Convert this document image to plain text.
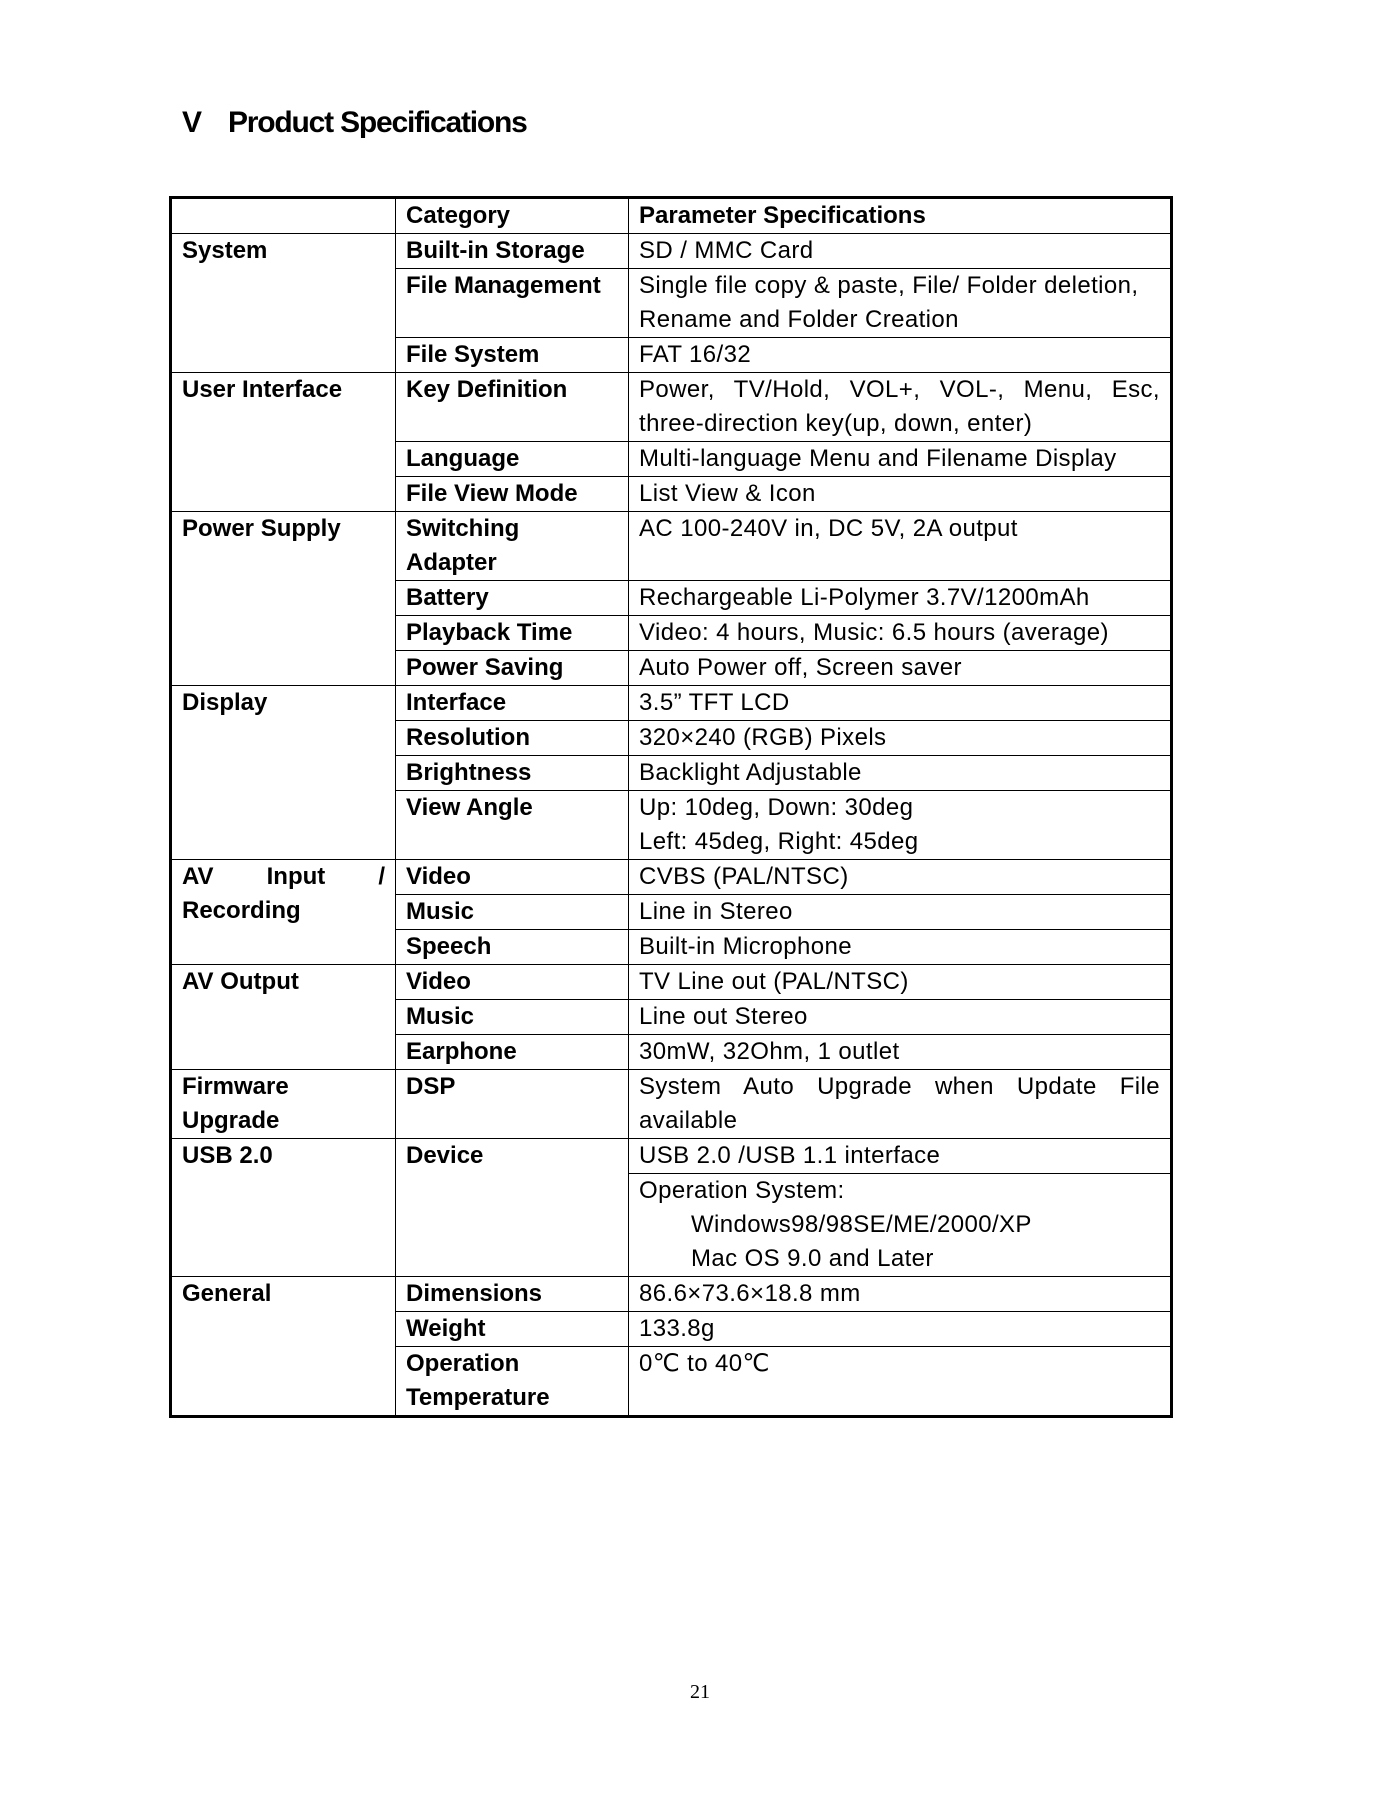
V Product Specifications
	Category	Parameter Specifications
System	Built-in Storage	SD / MMC Card
	File Management	Single file copy & paste, File/ Folder deletion, Rename and Folder Creation
	File System	FAT 16/32
User Interface	Key Definition	Power, TV/Hold, VOL+, VOL-, Menu, Esc, three-direction key(up, down, enter)
	Language	Multi-language Menu and Filename Display
	File View Mode	List View & Icon
Power Supply	Switching Adapter	AC 100-240V in, DC 5V, 2A output
	Battery	Rechargeable Li-Polymer 3.7V/1200mAh
	Playback Time	Video: 4 hours, Music: 6.5 hours (average)
	Power Saving	Auto Power off, Screen saver
Display	Interface	3.5” TFT LCD
	Resolution	320×240 (RGB) Pixels
	Brightness	Backlight Adjustable
	View Angle	Up: 10deg, Down: 30deg
Left: 45deg, Right: 45deg

AV Input /
Recording	Video	CVBS (PAL/NTSC)
	Music	Line in Stereo
	Speech	Built-in Microphone
AV Output	Video	TV Line out (PAL/NTSC)
	Music	Line out Stereo
	Earphone	30mW, 32Ohm, 1 outlet

Firmware
Upgrade	DSP	System Auto Upgrade when Update File available
USB 2.0	Device	USB 2.0 /USB 1.1 interface

		Operation System:
Windows98/98SE/ME/2000/XP
Mac OS 9.0 and Later

General	Dimensions	86.6×73.6×18.8 mm
	Weight	133.8g
	Operation Temperature	0℃ to 40℃
21
